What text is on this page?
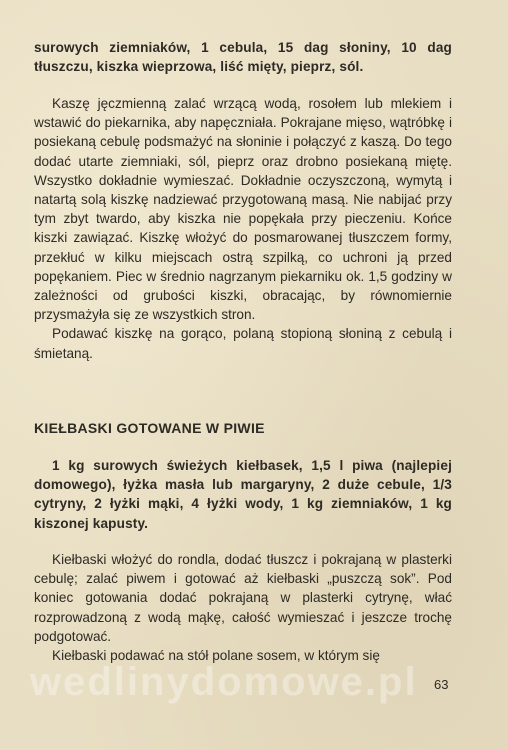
surowych ziemniaków, 1 cebula, 15 dag słoniny, 10 dag tłuszczu, kiszka wieprzowa, liść mięty, pieprz, sól.

Kaszę jęczmienną zalać wrzącą wodą, rosołem lub mlekiem i wstawić do piekarnika, aby napęczniała. Pokrajane mięso, wątróbkę i posiekaną cebulę podsmażyć na słoninie i połączyć z kaszą. Do tego dodać utarte ziemniaki, sól, pieprz oraz drobno posiekaną miętę. Wszystko dokładnie wymieszać. Dokładnie oczyszczoną, wymytą i natartą solą kiszkę nadziewać przygotowaną masą. Nie nabijać przy tym zbyt twardo, aby kiszka nie popękała przy pieczeniu. Końce kiszki zawiązać. Kiszkę włożyć do posmarowanej tłuszczem formy, przekłuć w kilku miejscach ostrą szpilką, co uchroni ją przed popękaniem. Piec w średnio nagrzanym piekarniku ok. 1,5 godziny w zależności od grubości kiszki, obracając, by równomiernie przysmażyła się ze wszystkich stron.

Podawać kiszkę na gorąco, polaną stopioną słoniną z cebulą i śmietaną.

KIEŁBASKI GOTOWANE W PIWIE
1 kg surowych świeżych kiełbasek, 1,5 l piwa (najlepiej domowego), łyżka masła lub margaryny, 2 duże cebule, 1/3 cytryny, 2 łyżki mąki, 4 łyżki wody, 1 kg ziemniaków, 1 kg kiszonej kapusty.

Kiełbaski włożyć do rondla, dodać tłuszcz i pokrajaną w plasterki cebulę; zalać piwem i gotować aż kiełbaski „puszczą sok”. Pod koniec gotowania dodać pokrajaną w plasterki cytrynę, włać rozprowadzoną z wodą mąkę, całość wymieszać i jeszcze trochę podgotować.

Kiełbaski podawać na stół polane sosem, w którym się

wedlinydomowe.pl 63
